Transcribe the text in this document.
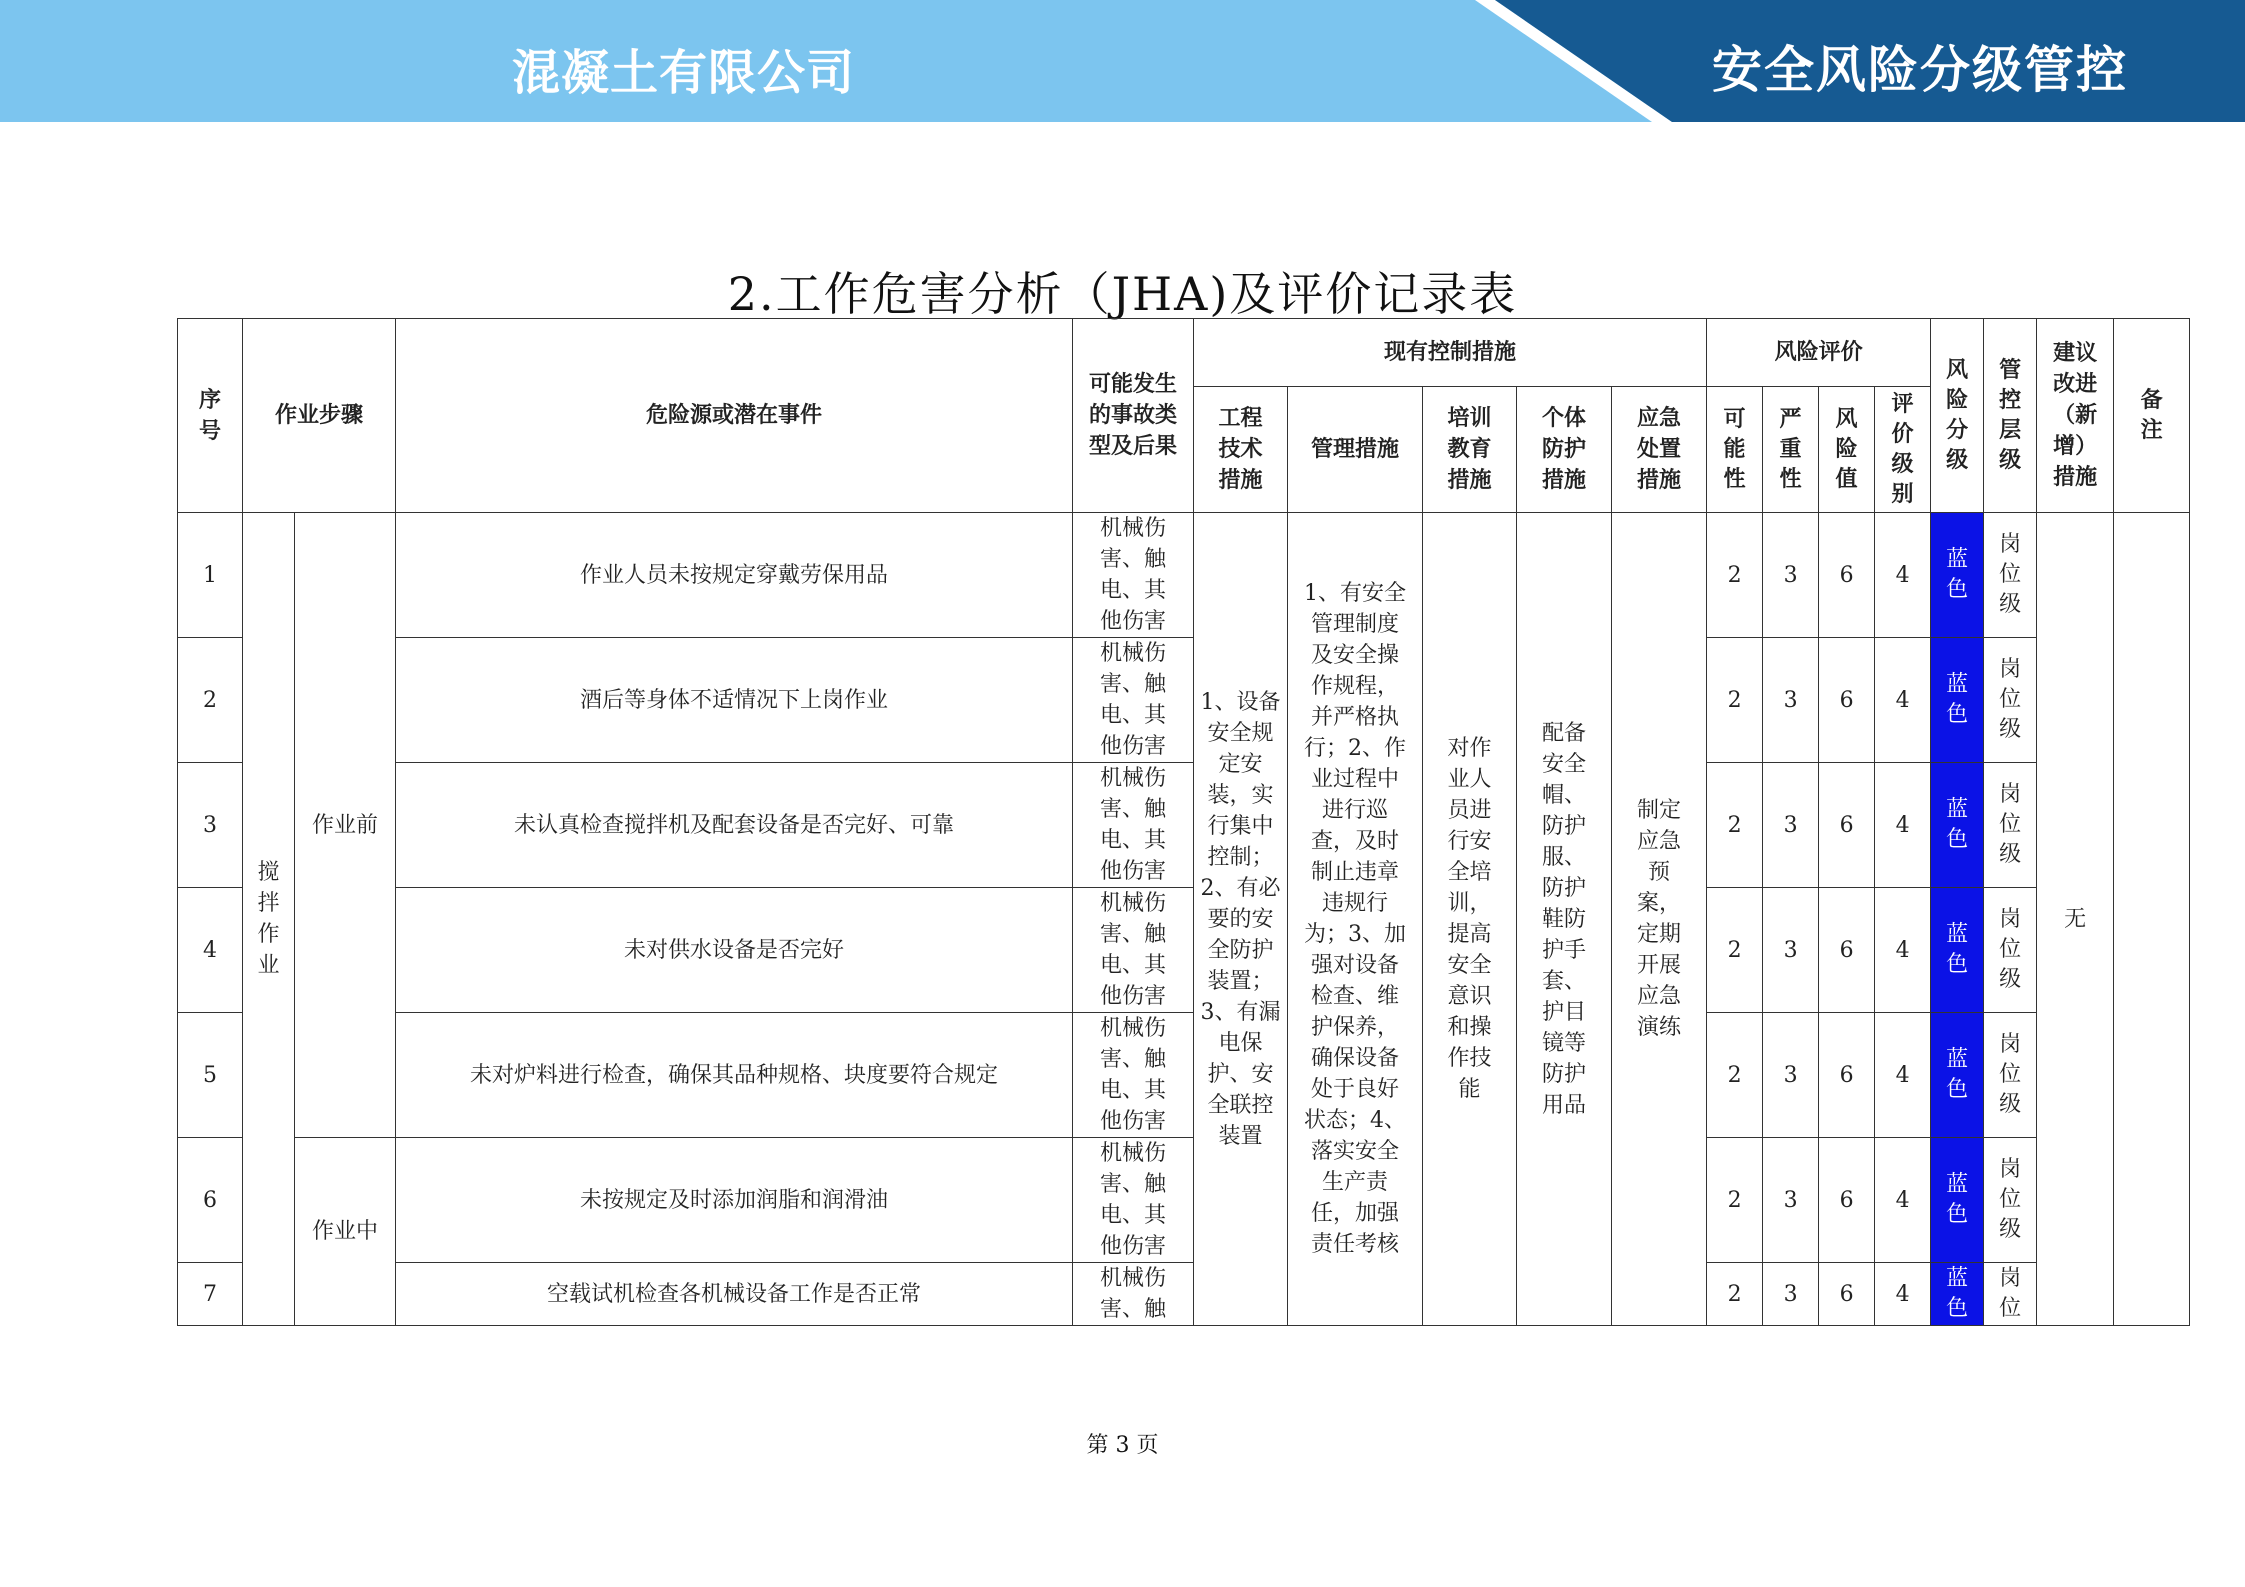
混凝土有限公司	安全风险分级管控
2.工作危害分析（JHA)及评价记录表
序号	作业步骤		危险源或潜在事件	可能发生的事故类型及后果	现有控制措施					风险评价				风险分级	管控层级	建议改进（新增）措施	备注

					工程技术措施	管理措施	培训教育措施	个体防护措施	应急处置措施	可能性	严重性	风险值	评价级别				
1	搅拌作业	作业前	作业人员未按规定穿戴劳保用品	机械伤害、触电、其他伤害	1、设备安全规定安装，实行集中控制；2、有必要的安全防护装置；3、有漏电保护、安全联控装置	1、有安全管理制度及安全操作规程，并严格执行；2、作业过程中进行巡查，及时制止违章违规行为；3、加强对设备检查、维护保养，确保设备处于良好状态；4、落实安全生产责任，加强责任考核	对作业人员进行安全培训，提高安全意识和操作技能	配备安全帽、防护服、防护鞋防护手套、护目镜等防护用品	制定应急预案，定期开展应急演练	2	3	6	4	蓝色	岗位级	无	
2			酒后等身体不适情况下上岗作业	机械伤害、触电、其他伤害						2	3	6	4	蓝色	岗位级		
3			未认真检查搅拌机及配套设备是否完好、可靠	机械伤害、触电、其他伤害						2	3	6	4	蓝色	岗位级		
4			未对供水设备是否完好	机械伤害、触电、其他伤害						2	3	6	4	蓝色	岗位级		
5			未对炉料进行检查，确保其品种规格、块度要符合规定	机械伤害、触电、其他伤害						2	3	6	4	蓝色	岗位级		
6		作业中	未按规定及时添加润脂和润滑油	机械伤害、触电、其他伤害						2	3	6	4	蓝色	岗位级		
7			空载试机检查各机械设备工作是否正常	机械伤害、触						2	3	6	4	蓝色	岗位		
第 3 页
